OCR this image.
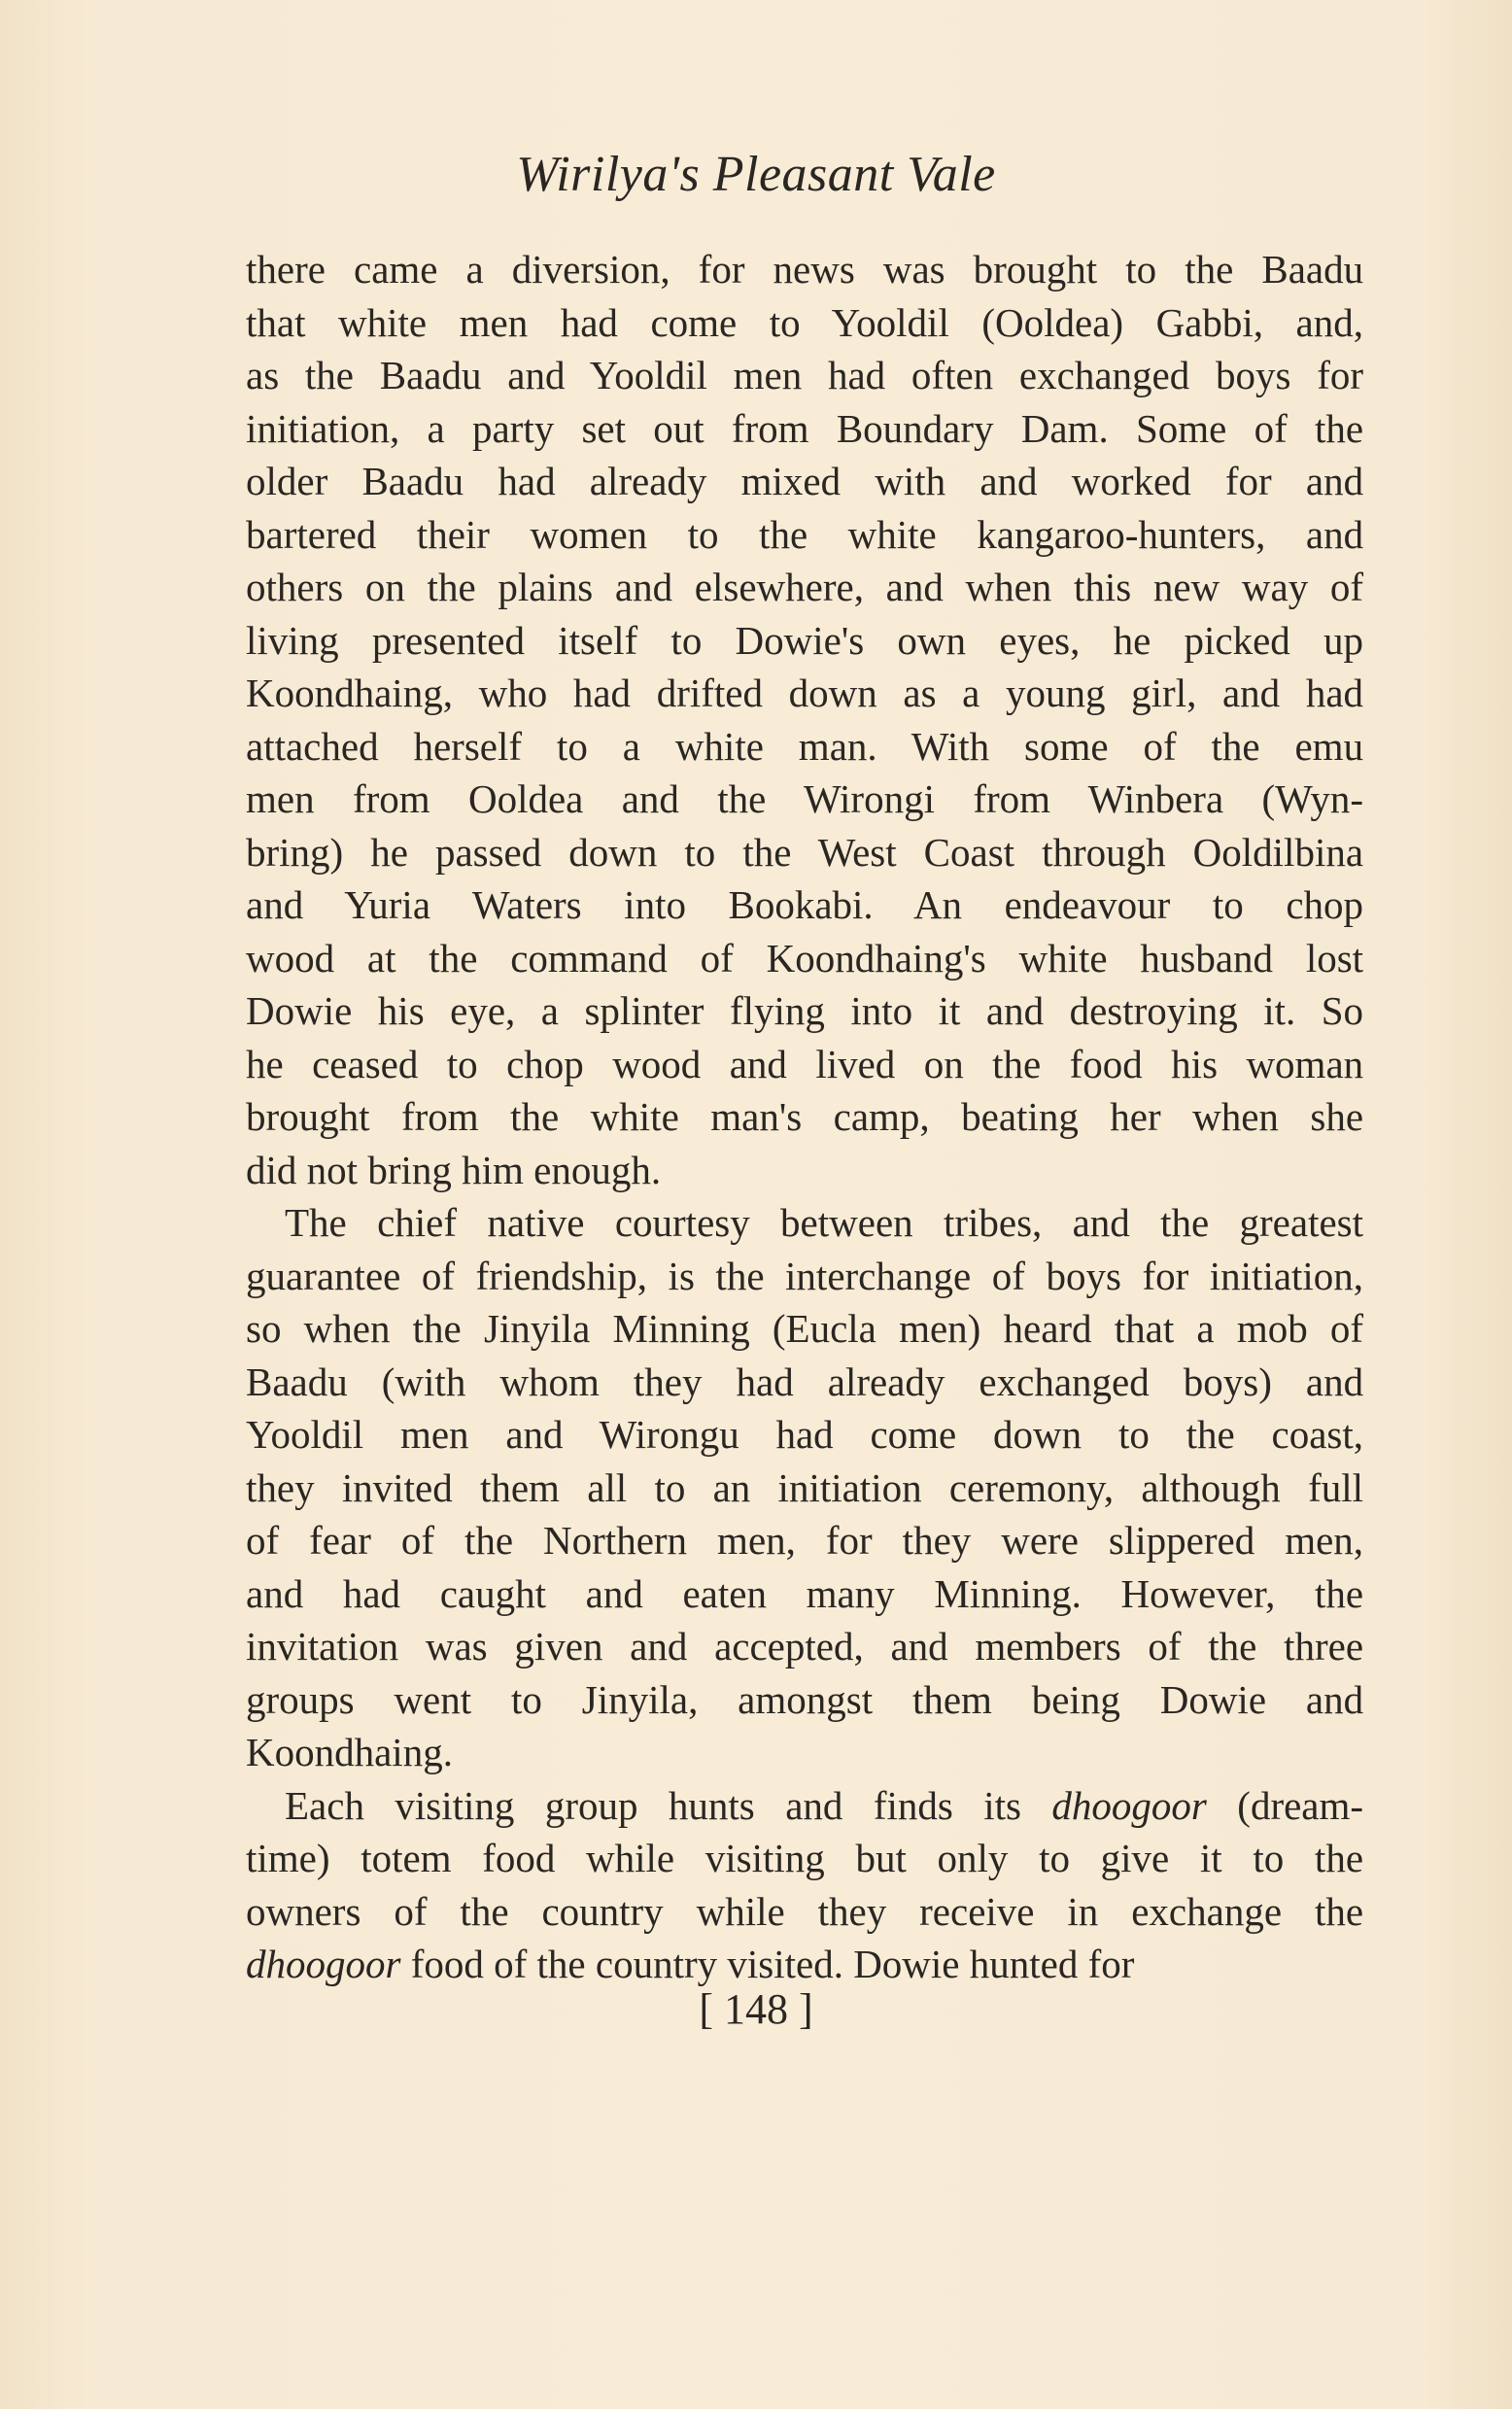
Wirilya's Pleasant Vale
there came a diversion, for news was brought to the Baadu
that white men had come to Yooldil (Ooldea) Gabbi, and,
as the Baadu and Yooldil men had often exchanged boys for
initiation, a party set out from Boundary Dam. Some of the
older Baadu had already mixed with and worked for and
bartered their women to the white kangaroo-hunters, and
others on the plains and elsewhere, and when this new way of
living presented itself to Dowie's own eyes, he picked up
Koondhaing, who had drifted down as a young girl, and had
attached herself to a white man. With some of the emu
men from Ooldea and the Wirongi from Winbera (Wyn-
bring) he passed down to the West Coast through Ooldilbina
and Yuria Waters into Bookabi. An endeavour to chop
wood at the command of Koondhaing's white husband lost
Dowie his eye, a splinter flying into it and destroying it. So
he ceased to chop wood and lived on the food his woman
brought from the white man's camp, beating her when she
did not bring him enough.
The chief native courtesy between tribes, and the greatest
guarantee of friendship, is the interchange of boys for initiation,
so when the Jinyila Minning (Eucla men) heard that a mob of
Baadu (with whom they had already exchanged boys) and
Yooldil men and Wirongu had come down to the coast,
they invited them all to an initiation ceremony, although full
of fear of the Northern men, for they were slippered men,
and had caught and eaten many Minning. However, the
invitation was given and accepted, and members of the three
groups went to Jinyila, amongst them being Dowie and
Koondhaing.
Each visiting group hunts and finds its dhoogoor (dream-
time) totem food while visiting but only to give it to the
owners of the country while they receive in exchange the
dhoogoor food of the country visited. Dowie hunted for
[ 148 ]
